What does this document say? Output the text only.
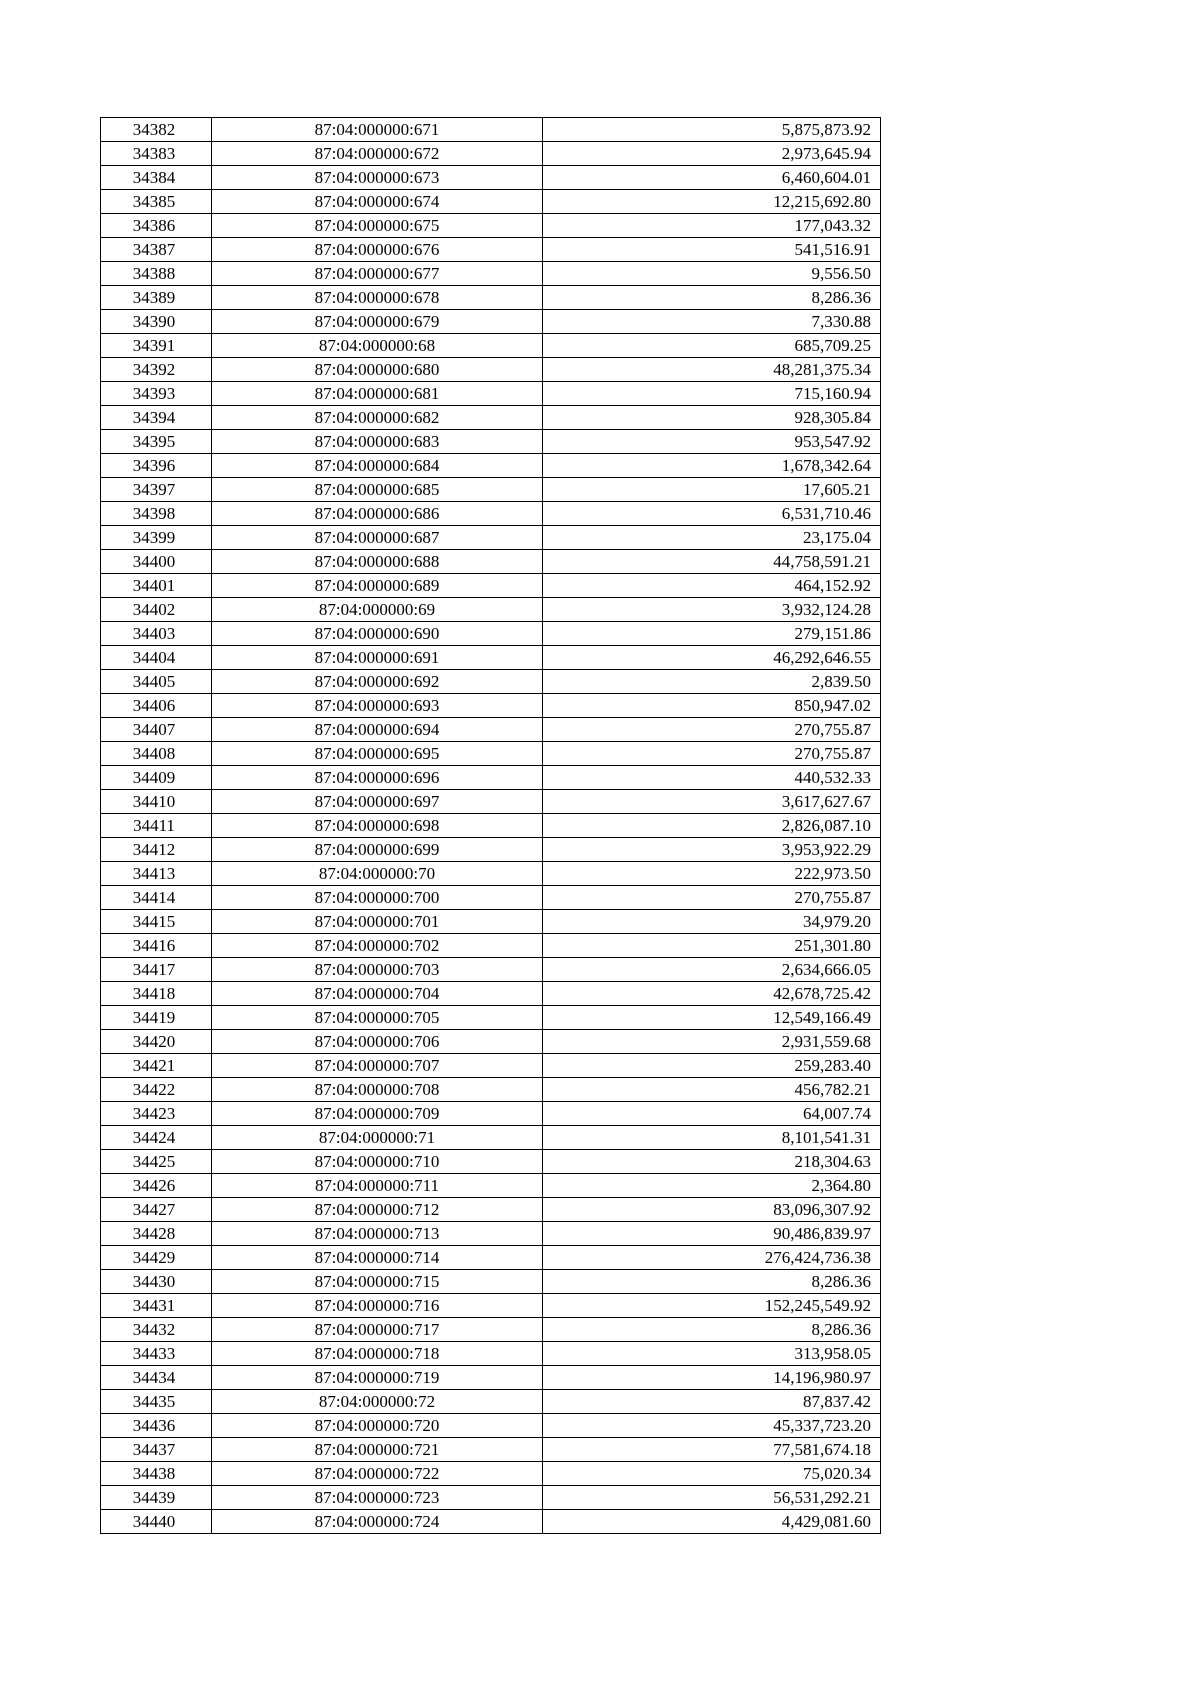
34382	87:04:000000:671	5,875,873.92
34383	87:04:000000:672	2,973,645.94
34384	87:04:000000:673	6,460,604.01
34385	87:04:000000:674	12,215,692.80
34386	87:04:000000:675	177,043.32
34387	87:04:000000:676	541,516.91
34388	87:04:000000:677	9,556.50
34389	87:04:000000:678	8,286.36
34390	87:04:000000:679	7,330.88
34391	87:04:000000:68	685,709.25
34392	87:04:000000:680	48,281,375.34
34393	87:04:000000:681	715,160.94
34394	87:04:000000:682	928,305.84
34395	87:04:000000:683	953,547.92
34396	87:04:000000:684	1,678,342.64
34397	87:04:000000:685	17,605.21
34398	87:04:000000:686	6,531,710.46
34399	87:04:000000:687	23,175.04
34400	87:04:000000:688	44,758,591.21
34401	87:04:000000:689	464,152.92
34402	87:04:000000:69	3,932,124.28
34403	87:04:000000:690	279,151.86
34404	87:04:000000:691	46,292,646.55
34405	87:04:000000:692	2,839.50
34406	87:04:000000:693	850,947.02
34407	87:04:000000:694	270,755.87
34408	87:04:000000:695	270,755.87
34409	87:04:000000:696	440,532.33
34410	87:04:000000:697	3,617,627.67
34411	87:04:000000:698	2,826,087.10
34412	87:04:000000:699	3,953,922.29
34413	87:04:000000:70	222,973.50
34414	87:04:000000:700	270,755.87
34415	87:04:000000:701	34,979.20
34416	87:04:000000:702	251,301.80
34417	87:04:000000:703	2,634,666.05
34418	87:04:000000:704	42,678,725.42
34419	87:04:000000:705	12,549,166.49
34420	87:04:000000:706	2,931,559.68
34421	87:04:000000:707	259,283.40
34422	87:04:000000:708	456,782.21
34423	87:04:000000:709	64,007.74
34424	87:04:000000:71	8,101,541.31
34425	87:04:000000:710	218,304.63
34426	87:04:000000:711	2,364.80
34427	87:04:000000:712	83,096,307.92
34428	87:04:000000:713	90,486,839.97
34429	87:04:000000:714	276,424,736.38
34430	87:04:000000:715	8,286.36
34431	87:04:000000:716	152,245,549.92
34432	87:04:000000:717	8,286.36
34433	87:04:000000:718	313,958.05
34434	87:04:000000:719	14,196,980.97
34435	87:04:000000:72	87,837.42
34436	87:04:000000:720	45,337,723.20
34437	87:04:000000:721	77,581,674.18
34438	87:04:000000:722	75,020.34
34439	87:04:000000:723	56,531,292.21
34440	87:04:000000:724	4,429,081.60
